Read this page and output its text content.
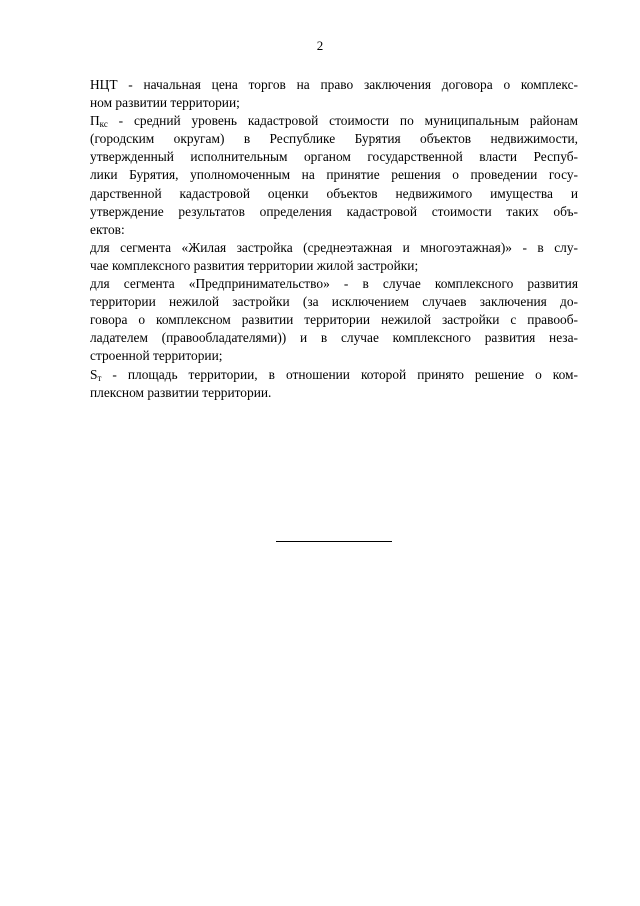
2
НЦТ - начальная цена торгов на право заключения договора о комплекс-
ном развитии территории;
$П_{кс}$ - средний уровень кадастровой стоимости по муниципальным районам
(городским округам) в Республике Бурятия объектов недвижимости,
утвержденный исполнительным органом государственной власти Респуб-
лики Бурятия, уполномоченным на принятие решения о проведении госу-
дарственной кадастровой оценки объектов недвижимого имущества и
утверждение результатов определения кадастровой стоимости таких объ-
ектов:
для сегмента «Жилая застройка (среднеэтажная и многоэтажная)» - в слу-
чае комплексного развития территории жилой застройки;
для сегмента «Предпринимательство» - в случае комплексного развития
территории нежилой застройки (за исключением случаев заключения до-
говора о комплексном развитии территории нежилой застройки с правооб-
ладателем (правообладателями)) и в случае комплексного развития неза-
строенной территории;
$S_т$ - площадь территории, в отношении которой принято решение о ком-
плексном развитии территории.
